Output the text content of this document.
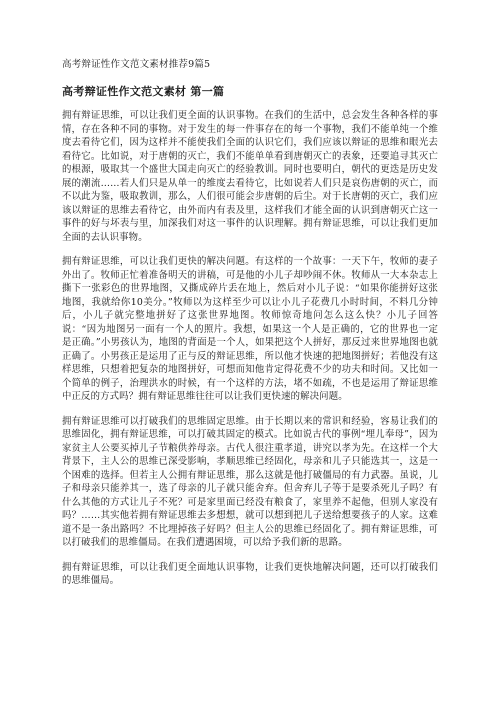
高考辩证性作文范文素材推荐9篇5
高考辩证性作文范文素材 第一篇

拥有辩证思维，可以让我们更全面的认识事物。在我们的生活中，总会发生各种各样的事情，存在各种不同的事物。对于发生的每一件事存在的每一个事物，我们不能单纯一个维度去看待它们，因为这样并不能使我们全面的认识它们，我们应该以辩证的思维和眼光去看待它。比如说，对于唐朝的灭亡，我们不能单单看到唐朝灭亡的表象，还要追寻其灭亡的根源，吸取其一个盛世大国走向灭亡的经验教训。同时也要明白，朝代的更迭是历史发展的潮流……若人们只是从单一的维度去看待它，比如说若人们只是哀伤唐朝的灭亡，而不以此为鉴，吸取教训，那么，人们很可能会步唐朝的后尘。对于长唐朝的灭亡，我们应该以辩证的思维去看待它，由外而内有表及里，这样我们才能全面的认识到唐朝灭亡这一事件的好与坏表与里，加深我们对这一事件的认识理解。拥有辩证思维，可以让我们更加全面的去认识事物。

拥有辩证思维，可以让我们更快的解决问题。有这样的一个故事：一天下午，牧师的妻子外出了。牧师正忙着准备明天的讲稿，可是他的小儿子却吵闹不休。牧师从一大本杂志上撕下一张彩色的世界地图，又撕成碎片丢在地上，然后对小儿子说：“如果你能拼好这张地图，我就给你10美分。”牧师以为这样至少可以让小儿子花费几小时时间，不料几分钟后，小儿子就完整地拼好了这张世界地图。牧师惊奇地问怎么这么快？小儿子回答说：“因为地图另一面有一个人的照片。我想，如果这一个人是正确的，它的世界也一定是正确。”小男孩认为，地图的背面是一个人，如果把这个人拼好，那反过来世界地图也就正确了。小男孩正是运用了正与反的辩证思维，所以他才快速的把地图拼好；若他没有这样思维，只想着把复杂的地图拼好，可想而知他肯定得花费不少的功夫和时间。又比如一个简单的例子，治理洪水的时候，有一个这样的方法，堵不如疏，不也是运用了辩证思维中正反的方式吗？拥有辩证思维往往可以让我们更快速的解决问题。

拥有辩证思维可以打破我们的思维固定思维。由于长期以来的常识和经验，容易让我们的思维固化，拥有辩证思维，可以打破其固定的模式。比如说古代的事例“埋儿奉母”，因为家贫主人公要买掉儿子节粮供养母亲。古代人很注重孝道，讲究以孝为先。在这样一个大背景下，主人公的思维已深受影响，孝顺思维已经固化，母亲和儿子只能选其一，这是一个困难的选择。但若主人公拥有辩证思维，那么这就是他打破僵局的有力武器。虽说，儿子和母亲只能养其一，选了母亲的儿子就只能舍弃。但舍弃儿子等于是要杀死儿子吗？有什么其他的方式让儿子不死？可是家里面已经没有粮食了，家里养不起他，但别人家没有吗？……其实他若拥有辩证思维去多想想，就可以想到把儿子送给想要孩子的人家。这难道不是一条出路吗？不比埋掉孩子好吗？但主人公的思维已经固化了。拥有辩证思维，可以打破我们的思维僵局。在我们遭遇困境，可以给予我们新的思路。

拥有辩证思维，可以让我们更全面地认识事物，让我们更快地解决问题，还可以打破我们的思维僵局。
